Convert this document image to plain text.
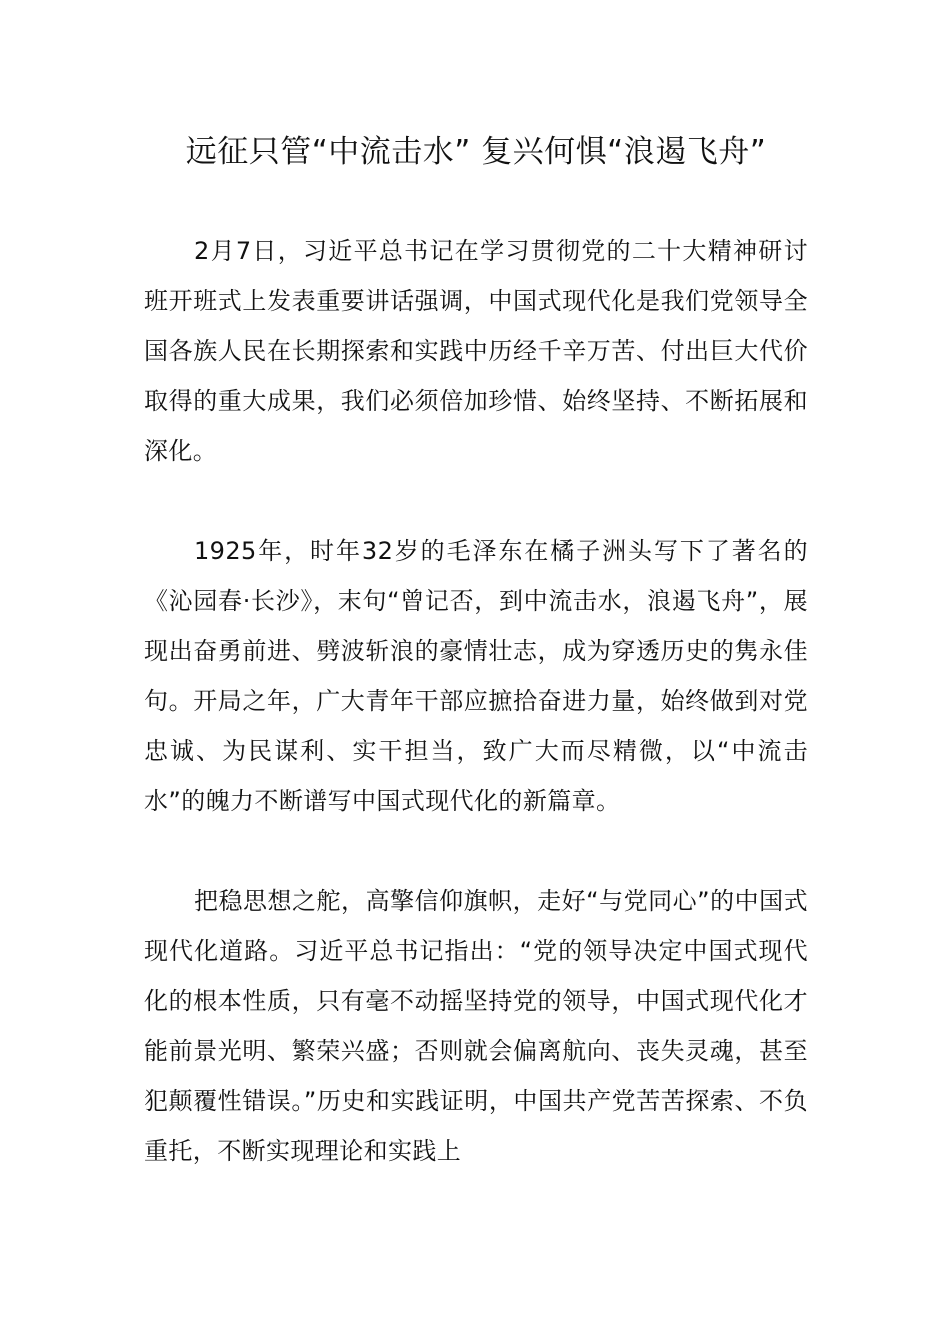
远征只管“中流击水” 复兴何惧“浪遏飞舟”

2月7日，习近平总书记在学习贯彻党的二十大精神研讨班开班式上发表重要讲话强调，中国式现代化是我们党领导全国各族人民在长期探索和实践中历经千辛万苦、付出巨大代价取得的重大成果，我们必须倍加珍惜、始终坚持、不断拓展和深化。

1925年，时年32岁的毛泽东在橘子洲头写下了著名的《沁园春·长沙》，末句“曾记否，到中流击水，浪遏飞舟”，展现出奋勇前进、劈波斩浪的豪情壮志，成为穿透历史的隽永佳句。开局之年，广大青年干部应摭拾奋进力量，始终做到对党忠诚、为民谋利、实干担当，致广大而尽精微，以“中流击水”的魄力不断谱写中国式现代化的新篇章。

把稳思想之舵，高擎信仰旗帜，走好“与党同心”的中国式现代化道路。习近平总书记指出：“党的领导决定中国式现代化的根本性质，只有毫不动摇坚持党的领导，中国式现代化才能前景光明、繁荣兴盛；否则就会偏离航向、丧失灵魂，甚至犯颠覆性错误。”历史和实践证明，中国共产党苦苦探索、不负重托，不断实现理论和实践上
